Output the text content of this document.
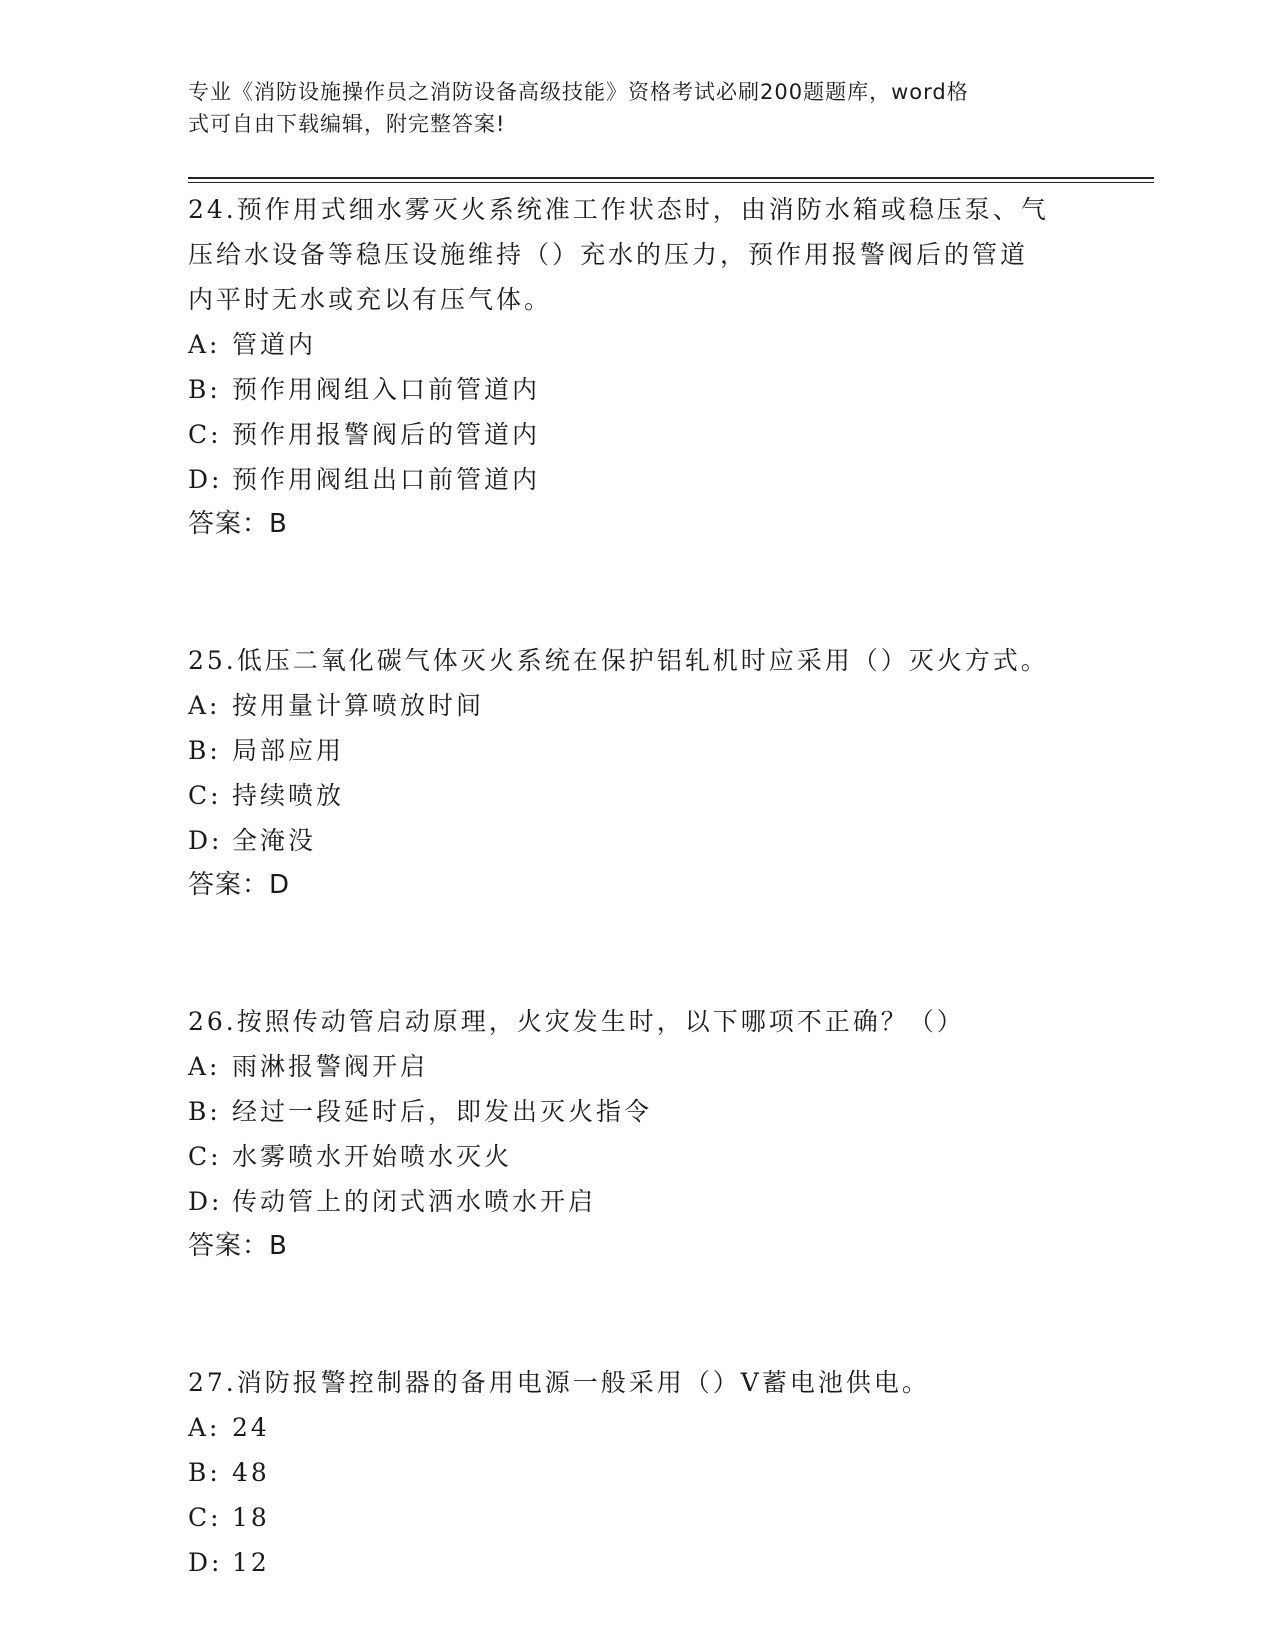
专业《消防设施操作员之消防设备高级技能》资格考试必刷200题题库，word格
式可自由下载编辑，附完整答案!

24.预作用式细水雾灭火系统准工作状态时，由消防水箱或稳压泵、气

压给水设备等稳压设施维持（）充水的压力，预作用报警阀后的管道

内平时无水或充以有压气体。

A: 管道内

B: 预作用阀组入口前管道内

C: 预作用报警阀后的管道内

D: 预作用阀组出口前管道内

答案：B

25.低压二氧化碳气体灭火系统在保护铝轧机时应采用（）灭火方式。

A: 按用量计算喷放时间

B: 局部应用

C: 持续喷放

D: 全淹没

答案：D

26.按照传动管启动原理，火灾发生时，以下哪项不正确？（）

A: 雨淋报警阀开启

B: 经过一段延时后，即发出灭火指令

C: 水雾喷水开始喷水灭火

D: 传动管上的闭式洒水喷水开启

答案：B

27.消防报警控制器的备用电源一般采用（）V蓄电池供电。

A: 24

B: 48

C: 18

D: 12
